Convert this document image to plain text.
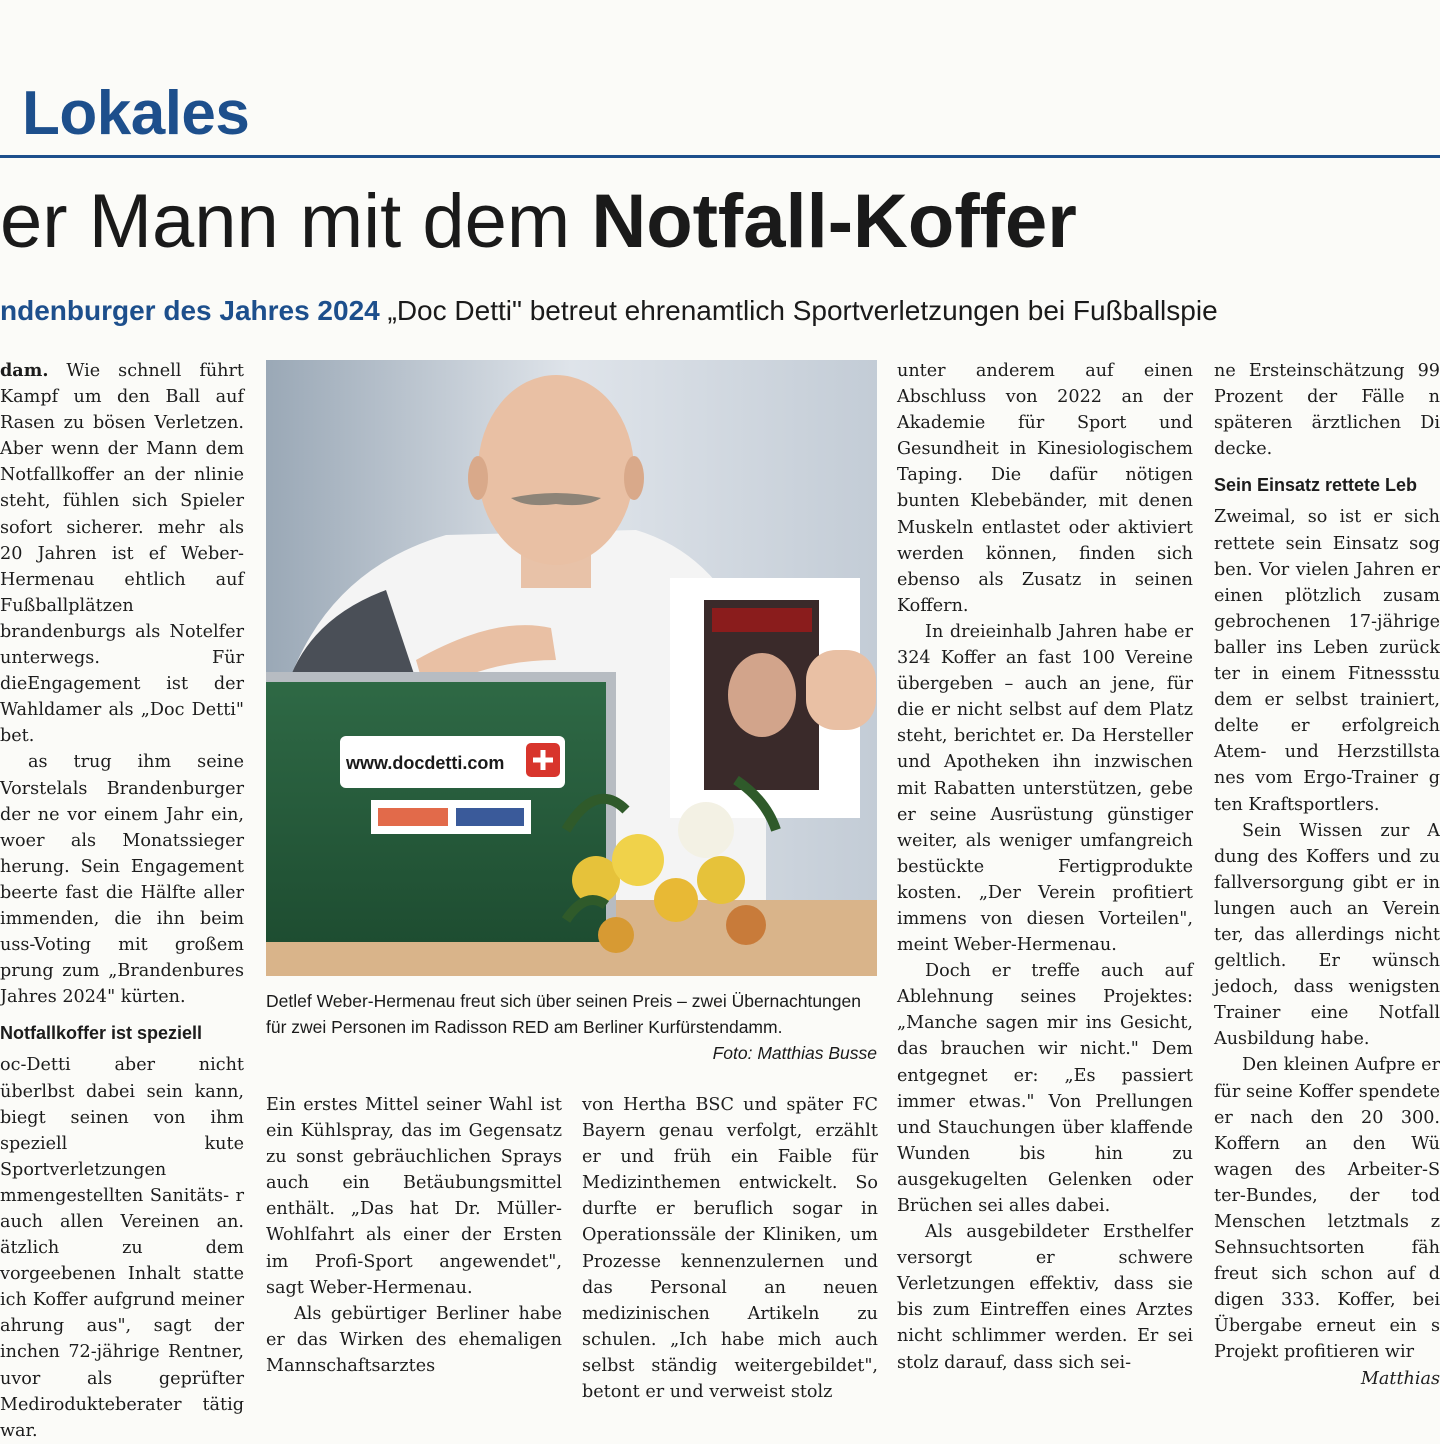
Lokales
er Mann mit dem Notfall-Koffer
ndenburger des Jahres 2024 „Doc Detti" betreut ehrenamtlich Sportverletzungen bei Fußballspie

dam. Wie schnell führt Kampf um den Ball auf Rasen zu bösen Verletzen. Aber wenn der Mann dem Notfallkoffer an der nlinie steht, fühlen sich Spieler sofort sicherer. mehr als 20 Jahren ist ef Weber-Hermenau ehtlich auf Fußballplätzen brandenburgs als Notelfer unterwegs. Für dieEngagement ist der Wahldamer als „Doc Detti" bet.

as trug ihm seine Vorstelals Brandenburger der ne vor einem Jahr ein, woer als Monatssieger herung. Sein Engagement beerte fast die Hälfte aller immenden, die ihn beim uss-Voting mit großem prung zum „Brandenbures Jahres 2024" kürten.

Notfallkoffer ist speziell

oc-Detti aber nicht überlbst dabei sein kann, biegt seinen von ihm speziell kute Sportverletzungen mmengestellten Sanitäts- r auch allen Vereinen an. ätzlich zu dem vorgeebenen Inhalt statte ich Koffer aufgrund meiner ahrung aus", sagt der inchen 72-jährige Rentner, uvor als geprüfter Mediroduktеberater tätig war.

www.docdetti.com
Detlef Weber-Hermenau freut sich über seinen Preis – zwei Übernachtungen für zwei Personen im Radisson RED am Berliner Kurfürstendamm.
Foto: Matthias Busse

Ein erstes Mittel seiner Wahl ist ein Kühlspray, das im Gegensatz zu sonst gebräuchlichen Sprays auch ein Betäubungsmittel enthält. „Das hat Dr. Müller-Wohlfahrt als einer der Ersten im Profi-Sport angewendet", sagt Weber-Hermenau.

Als gebürtiger Berliner habe er das Wirken des ehemaligen Mannschaftsarztes

von Hertha BSC und später FC Bayern genau verfolgt, erzählt er und früh ein Faible für Medizinthemen entwickelt. So durfte er beruflich sogar in Operationssäle der Kliniken, um Prozesse kennenzulernen und das Personal an neuen medizinischen Artikeln zu schulen. „Ich habe mich auch selbst ständig weitergebildet", betont er und verweist stolz

unter anderem auf einen Abschluss von 2022 an der Akademie für Sport und Gesundheit in Kinesiologischem Taping. Die dafür nötigen bunten Klebebänder, mit denen Muskeln entlastet oder aktiviert werden können, finden sich ebenso als Zusatz in seinen Koffern.

In dreieinhalb Jahren habe er 324 Koffer an fast 100 Vereine übergeben – auch an jene, für die er nicht selbst auf dem Platz steht, berichtet er. Da Hersteller und Apotheken ihn inzwischen mit Rabatten unterstützen, gebe er seine Ausrüstung günstiger weiter, als weniger umfangreich bestückte Fertigprodukte kosten. „Der Verein profitiert immens von diesen Vorteilen", meint Weber-Hermenau.

Doch er treffe auch auf Ablehnung seines Projektes: „Manche sagen mir ins Gesicht, das brauchen wir nicht." Dem entgegnet er: „Es passiert immer etwas." Von Prellungen und Stauchungen über klaffende Wunden bis hin zu ausgekugelten Gelenken oder Brüchen sei alles dabei.

Als ausgebildeter Ersthelfer versorgt er schwere Verletzungen effektiv, dass sie bis zum Eintreffen eines Arztes nicht schlimmer werden. Er sei stolz darauf, dass sich sei-

ne Ersteinschätzung 99 Prozent der Fälle n späteren ärztlichen Di decke.

Sein Einsatz rettete Leb

Zweimal, so ist er sich rettete sein Einsatz sog ben. Vor vielen Jahren er einen plötzlich zusam gebrochenen 17-jährige baller ins Leben zurück ter in einem Fitnessstu dem er selbst trainiert, delte er erfolgreich Atem- und Herzstillsta nes vom Ergo-Trainer g ten Kraftsportlers.

Sein Wissen zur A dung des Koffers und zu fallversorgung gibt er in lungen auch an Verein ter, das allerdings nicht geltlich. Er wünsch jedoch, dass wenigsten Trainer eine Notfall Ausbildung habe.

Den kleinen Aufpre er für seine Koffer spendete er nach den 20 300. Koffern an den Wü wagen des Arbeiter-S ter-Bundes, der tod Menschen letztmals z Sehnsuchtsorten fäh freut sich schon auf d digen 333. Koffer, bei Übergabe erneut ein s Projekt profitieren wir

Matthias
